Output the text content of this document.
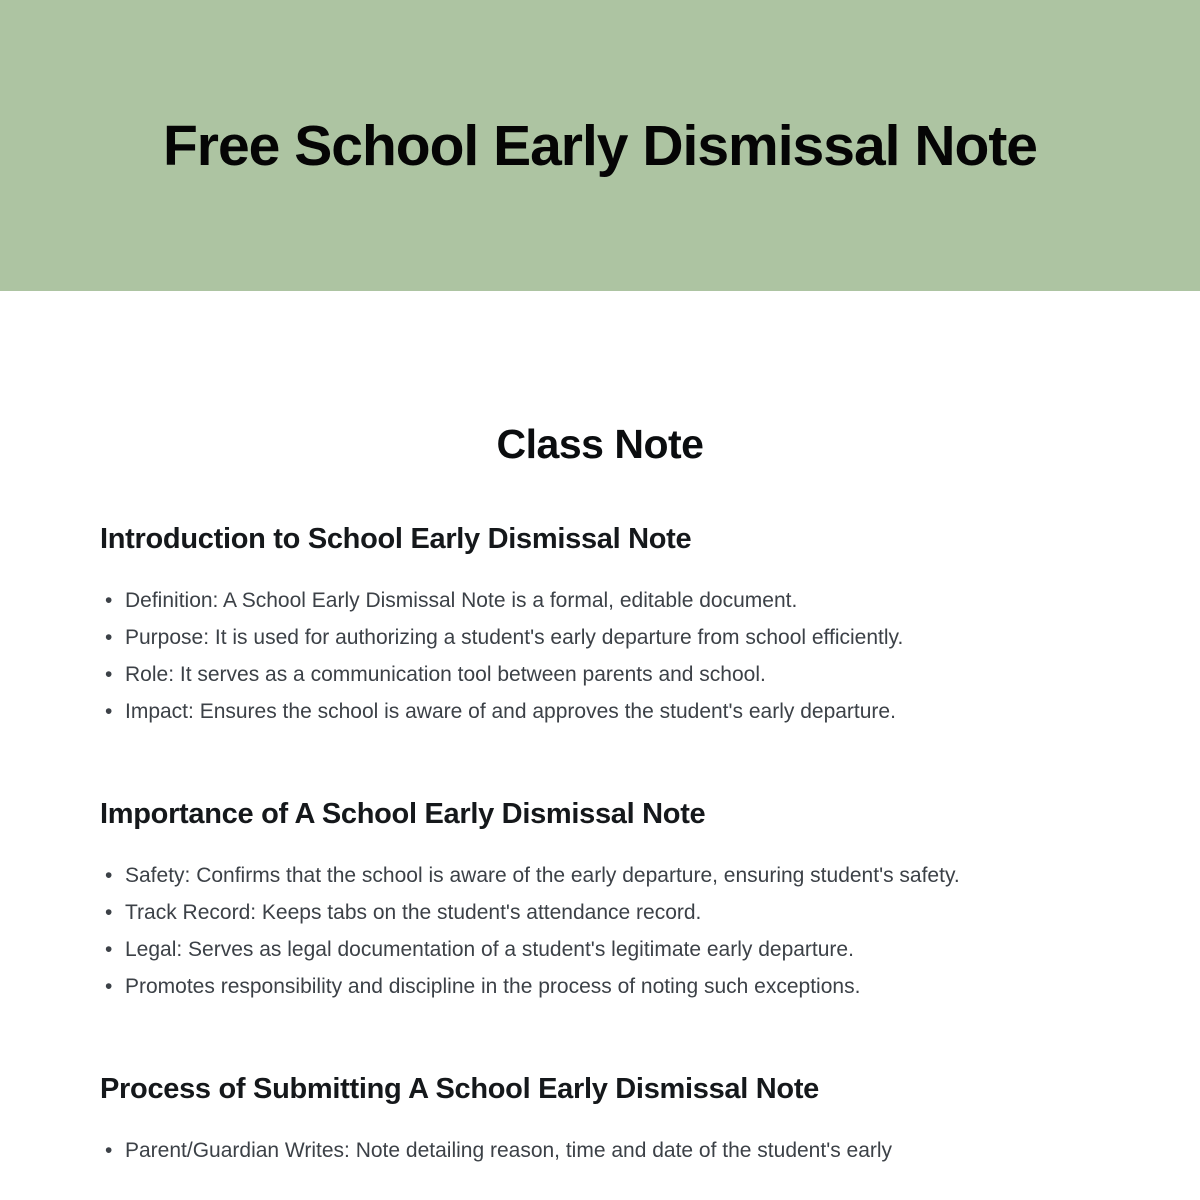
Free School Early Dismissal Note
Class Note
Introduction to School Early Dismissal Note
• Definition: A School Early Dismissal Note is a formal, editable document.
• Purpose: It is used for authorizing a student's early departure from school efficiently.
• Role: It serves as a communication tool between parents and school.
• Impact: Ensures the school is aware of and approves the student's early departure.
Importance of A School Early Dismissal Note
• Safety: Confirms that the school is aware of the early departure, ensuring student's safety.
• Track Record: Keeps tabs on the student's attendance record.
• Legal: Serves as legal documentation of a student's legitimate early departure.
• Promotes responsibility and discipline in the process of noting such exceptions.
Process of Submitting A School Early Dismissal Note
• Parent/Guardian Writes: Note detailing reason, time and date of the student's early
